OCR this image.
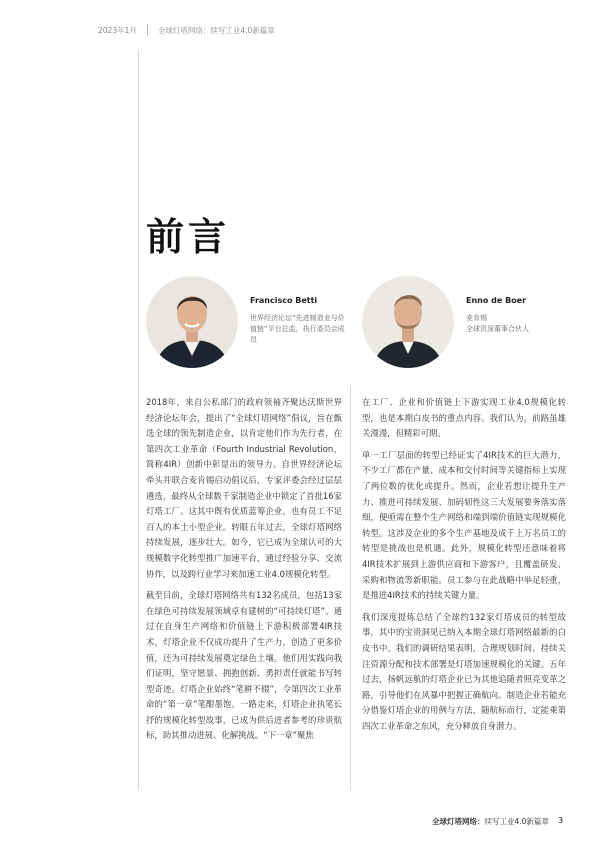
2023年1月	全球灯塔网络：续写工业4.0新篇章
前言
Francisco Betti
世界经济论坛“先进制造业与价值链”平台总监，执行委员会成员
Enno de Boer
麦肯锡
全球资深董事合伙人

2018年，来自公私部门的政府领袖齐聚达沃斯世界经济论坛年会，提出了“全球灯塔网络”倡议，旨在甄选全球的领先制造企业，以肯定他们作为先行者，在第四次工业革命（Fourth Industrial Revolution，简称4IR）创新中彰显出的领导力。自世界经济论坛牵头并联合麦肯锡启动倡议后，专家评委会经过层层遴选，最终从全球数千家制造企业中锁定了首批16家灯塔工厂。这其中既有优质蓝筹企业，也有员工不足百人的本土小型企业。转眼五年过去，全球灯塔网络持续发展，逐步壮大。如今，它已成为全球认可的大规模数字化转型推广加速平台，通过经验分享、交流协作，以及跨行业学习来加速工业4.0规模化转型。

截至目前，全球灯塔网络共有132名成员，包括13家在绿色可持续发展领域卓有建树的“可持续灯塔”。通过在自身生产网络和价值链上下游积极部署4IR技术，灯塔企业不仅成功提升了生产力，创造了更多价值，还为可持续发展奠定绿色土壤。他们用实践向我们证明，坚守愿景、拥抱创新、勇担责任就能书写转型奇迹。灯塔企业始终“笔耕不辍”，令第四次工业革命的“第一章”笔酣墨饱。一路走来，灯塔企业执笔长抒的规模化转型故事，已成为供后进者参考的珍贵航标，助其推动进展、化解挑战。“下一章”聚焦

在工厂、企业和价值链上下游实现工业4.0规模化转型，也是本期白皮书的重点内容。我们认为，前路虽雄关漫漫，但精彩可期。

单一工厂层面的转型已经证实了4IR技术的巨大潜力，不少工厂都在产量、成本和交付时间等关键指标上实现了两位数的优化或提升。然而，企业若想让提升生产力、推进可持续发展、加码韧性这三大发展要务落实落细，便亟需在整个生产网络和端到端价值链实现规模化转型。这涉及企业的多个生产基地及成千上万名员工的转型是挑战也是机遇。此外，规模化转型还意味着将4IR技术扩展到上游供应商和下游客户，且覆盖研发、采购和物流等新职能。员工参与在此战略中举足轻重，是推进4IR技术的持续关键力量。

我们深度提炼总结了全球约132家灯塔成员的转型故事，其中的宝贵洞见已纳入本期全球灯塔网络最新的白皮书中。我们的调研结果表明，合理规划时间、持续关注资源分配和技术部署是灯塔加速规模化的关键。五年过去，扬帆远航的灯塔企业已为其他追随者照亮变革之路，引导他们在风暴中把握正确航向。制造企业若能充分借鉴灯塔企业的用例与方法，随航标而行，定能乘第四次工业革命之东风，充分释放自身潜力。

全球灯塔网络： 续写工业4.0新篇章 3
